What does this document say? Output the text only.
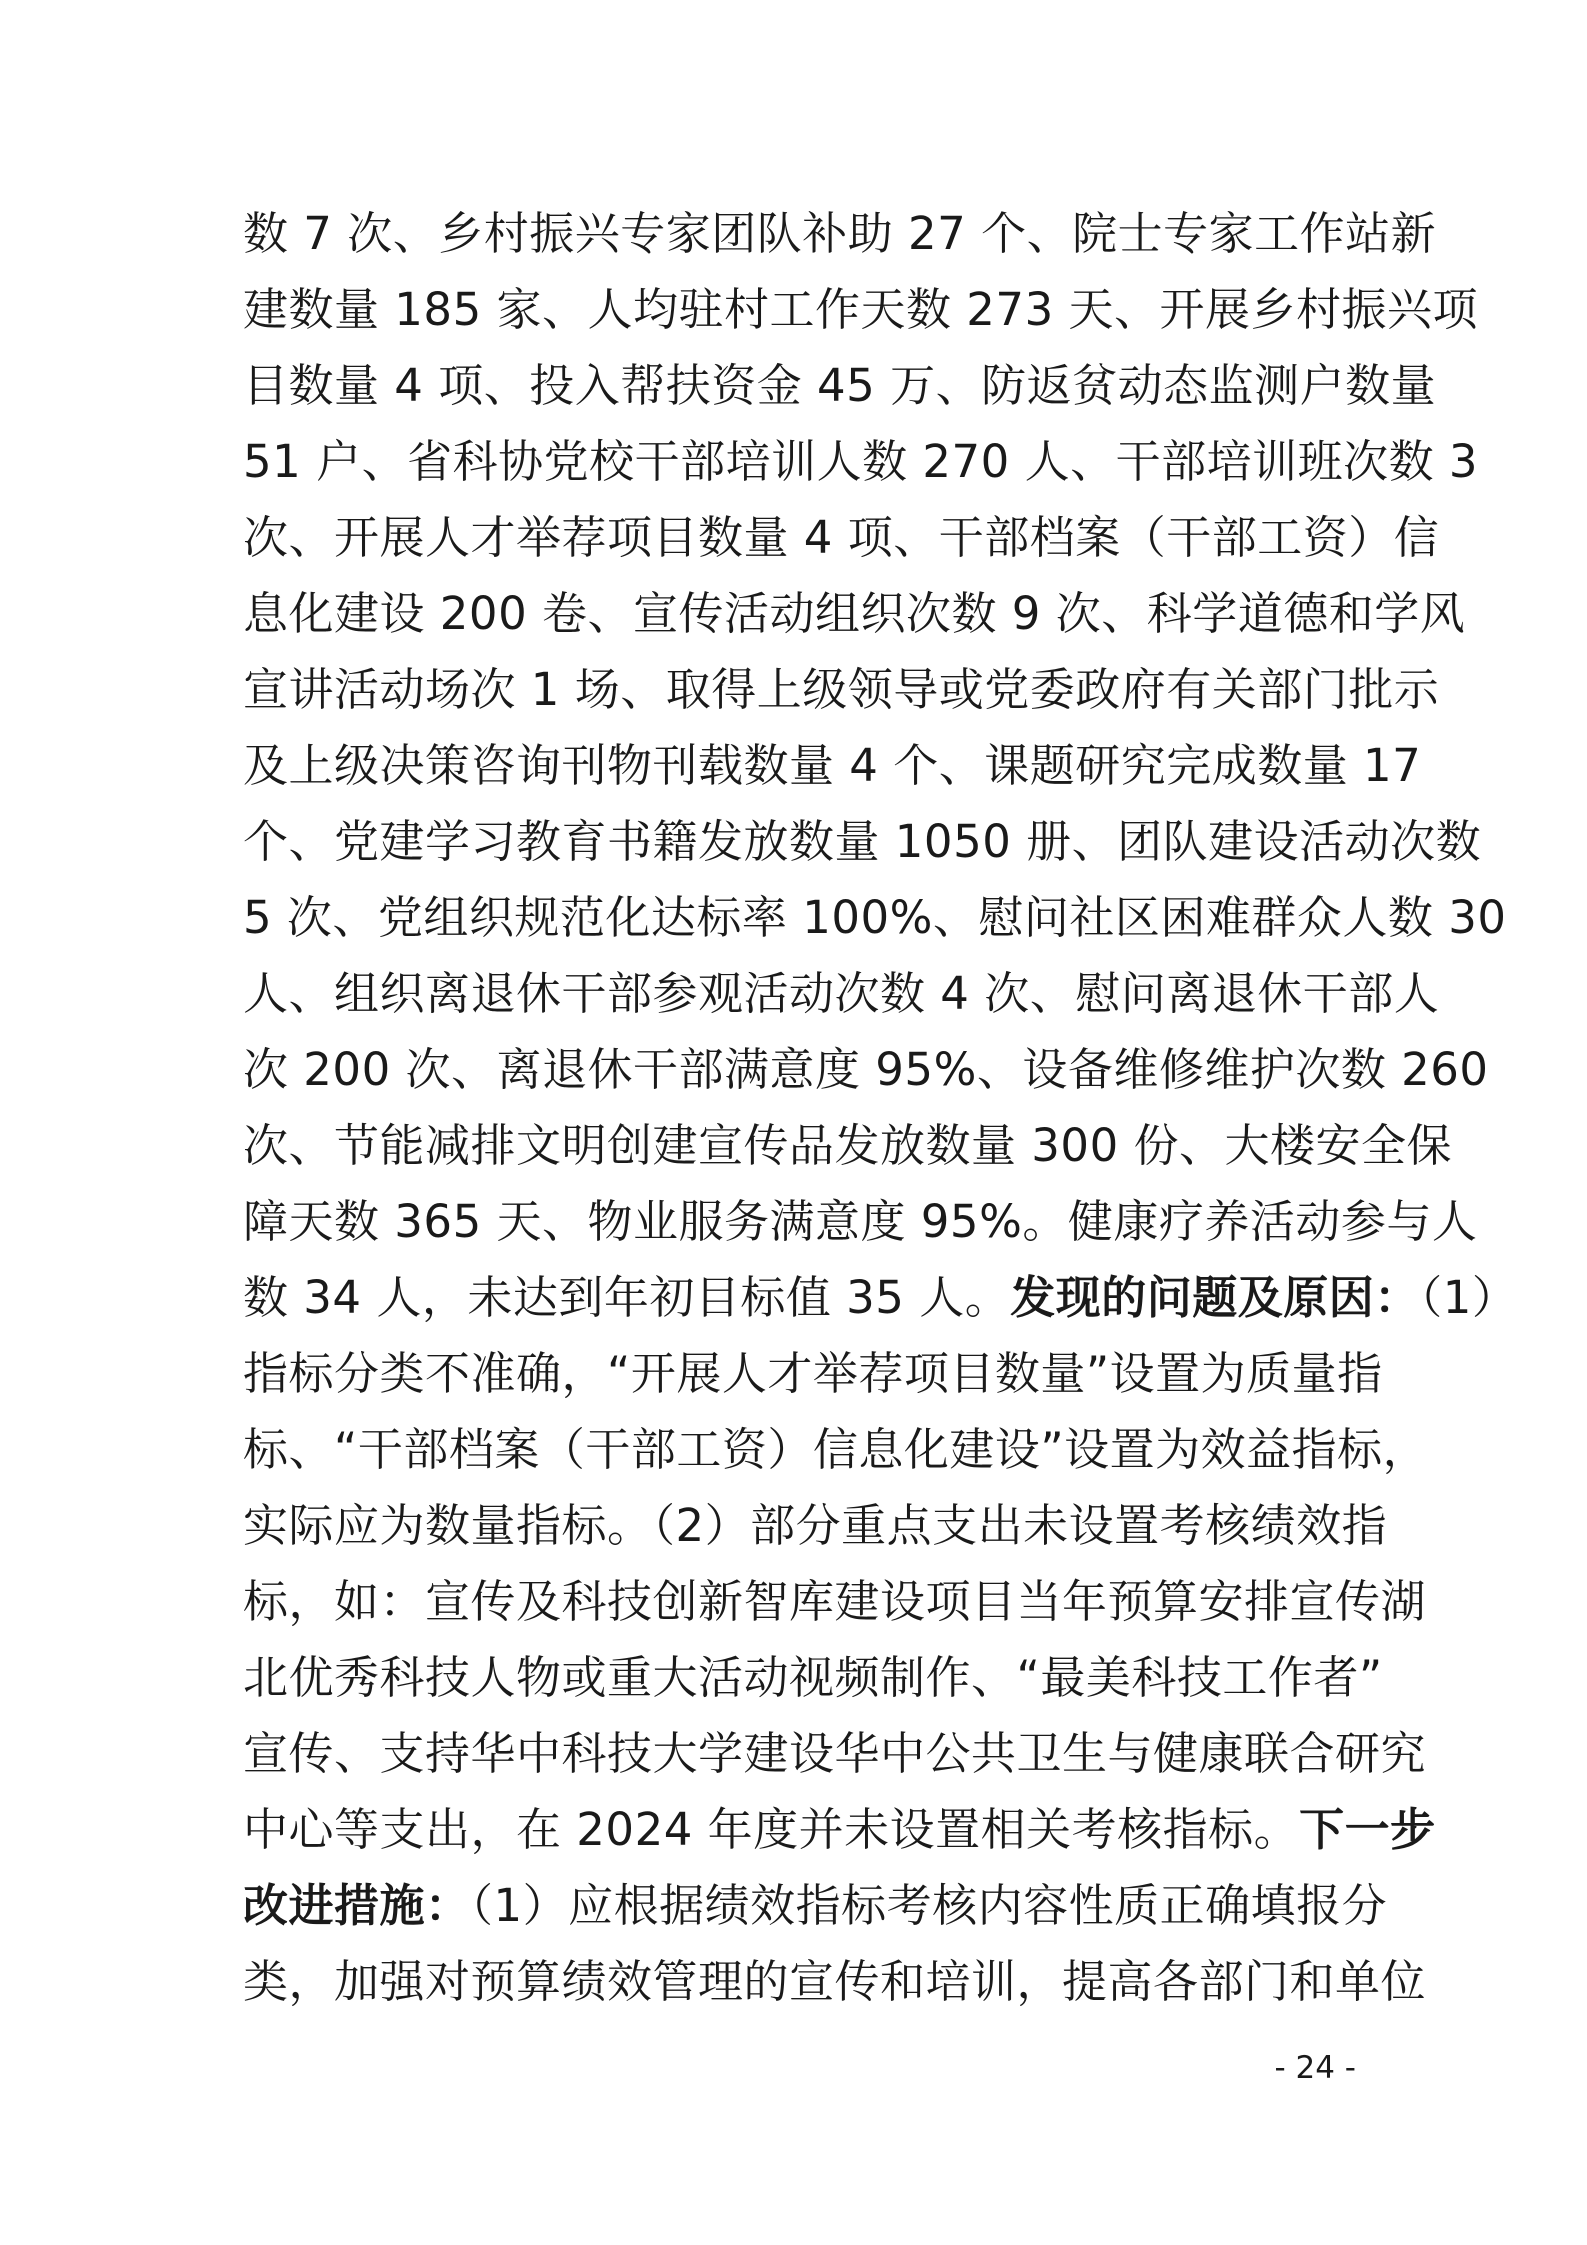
数 7 次、乡村振兴专家团队补助 27 个、院士专家工作站新
建数量 185 家、人均驻村工作天数 273 天、开展乡村振兴项
目数量 4 项、投入帮扶资金 45 万、防返贫动态监测户数量
51 户、省科协党校干部培训人数 270 人、干部培训班次数 3
次、开展人才举荐项目数量 4 项、干部档案（干部工资）信
息化建设 200 卷、宣传活动组织次数 9 次、科学道德和学风
宣讲活动场次 1 场、取得上级领导或党委政府有关部门批示
及上级决策咨询刊物刊载数量 4 个、课题研究完成数量 17
个、党建学习教育书籍发放数量 1050 册、团队建设活动次数
5 次、党组织规范化达标率 100%、慰问社区困难群众人数 30
人、组织离退休干部参观活动次数 4 次、慰问离退休干部人
次 200 次、离退休干部满意度 95%、设备维修维护次数 260
次、节能减排文明创建宣传品发放数量 300 份、大楼安全保
障天数 365 天、物业服务满意度 95%。健康疗养活动参与人
数 34 人，未达到年初目标值 35 人。发现的问题及原因：（1）
指标分类不准确，“开展人才举荐项目数量”设置为质量指
标、“干部档案（干部工资）信息化建设”设置为效益指标，
实际应为数量指标。（2）部分重点支出未设置考核绩效指
标，如：宣传及科技创新智库建设项目当年预算安排宣传湖
北优秀科技人物或重大活动视频制作、“最美科技工作者”
宣传、支持华中科技大学建设华中公共卫生与健康联合研究
中心等支出，在 2024 年度并未设置相关考核指标。下一步
改进措施：（1）应根据绩效指标考核内容性质正确填报分
类，加强对预算绩效管理的宣传和培训，提高各部门和单位
- 24 -
